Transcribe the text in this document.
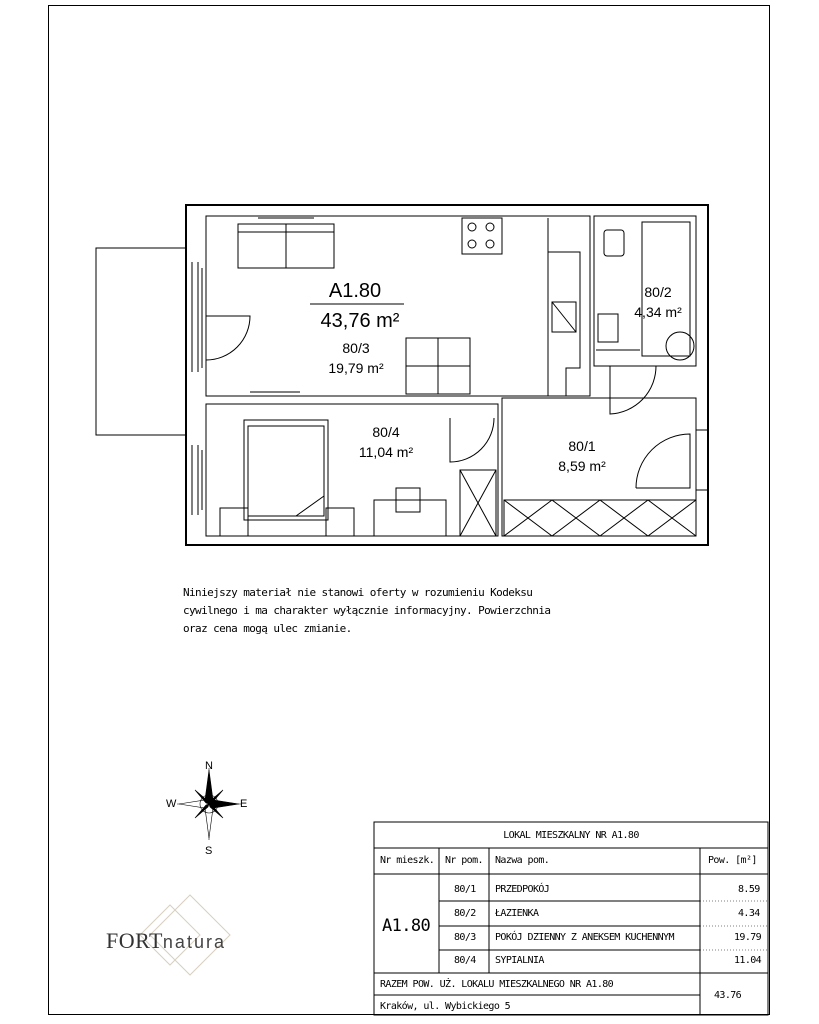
A1.80
43,76 m²
80/3
19,79 m²
80/2
4,34 m²
80/4
11,04 m²	80/1
8,59 m²
Niniejszy materiał nie stanowi oferty w rozumieniu Kodeksu cywilnego i ma charakter wyłącznie informacyjny. Powierzchnia oraz cena mogą ulec zmianie.
N
S
E
W
FORTnatura
LOKAL MIESZKALNY NR A1.80
Nr mieszk. Nr pom. Nazwa pom.	Pow. [m²]
A1.80
80/1 PRZEDPOKÓJ	8.59
80/2 ŁAZIENKA	4.34
80/3 POKÓJ DZIENNY Z ANEKSEM KUCHENNYM	19.79
80/4 SYPIALNIA	11.04
RAZEM POW. UŻ. LOKALU MIESZKALNEGO NR A1.80
43.76
Kraków, ul. Wybickiego 5
